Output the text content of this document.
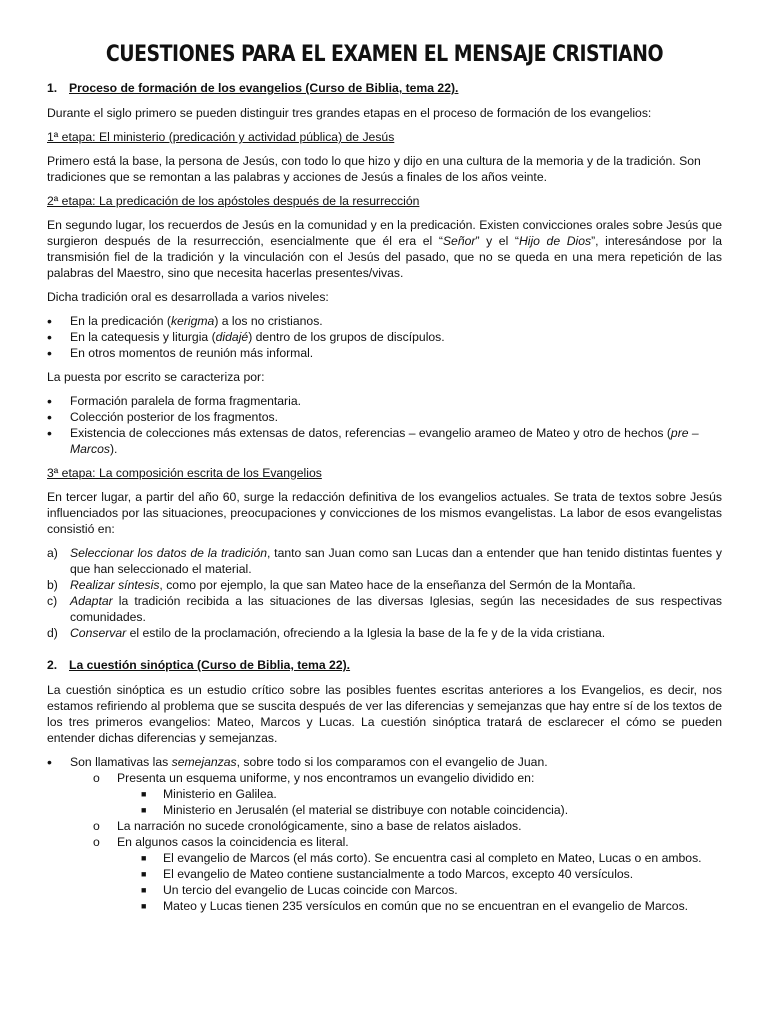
CUESTIONES PARA EL EXAMEN EL MENSAJE CRISTIANO
1. Proceso de formación de los evangelios (Curso de Biblia, tema 22).

Durante el siglo primero se pueden distinguir tres grandes etapas en el proceso de formación de los evangelios:

1ª etapa: El ministerio (predicación y actividad pública) de Jesús

Primero está la base, la persona de Jesús, con todo lo que hizo y dijo en una cultura de la memoria y de la tradición. Son tradiciones que se remontan a las palabras y acciones de Jesús a finales de los años veinte.

2ª etapa: La predicación de los apóstoles después de la resurrección

En segundo lugar, los recuerdos de Jesús en la comunidad y en la predicación. Existen convicciones orales sobre Jesús que surgieron después de la resurrección, esencialmente que él era el “Señor” y el “Hijo de Dios”, interesándose por la transmisión fiel de la tradición y la vinculación con el Jesús del pasado, que no se queda en una mera repetición de las palabras del Maestro, sino que necesita hacerlas presentes/vivas.

Dicha tradición oral es desarrollada a varios niveles:

• En la predicación (kerigma) a los no cristianos.
• En la catequesis y liturgia (didajé) dentro de los grupos de discípulos.
• En otros momentos de reunión más informal.

La puesta por escrito se caracteriza por:

• Formación paralela de forma fragmentaria.
• Colección posterior de los fragmentos.
• Existencia de colecciones más extensas de datos, referencias – evangelio arameo de Mateo y otro de hechos (pre – Marcos).

3ª etapa: La composición escrita de los Evangelios

En tercer lugar, a partir del año 60, surge la redacción definitiva de los evangelios actuales. Se trata de textos sobre Jesús influenciados por las situaciones, preocupaciones y convicciones de los mismos evangelistas. La labor de esos evangelistas consistió en:

a) Seleccionar los datos de la tradición, tanto san Juan como san Lucas dan a entender que han tenido distintas fuentes y que han seleccionado el material.
b) Realizar síntesis, como por ejemplo, la que san Mateo hace de la enseñanza del Sermón de la Montaña.
c) Adaptar la tradición recibida a las situaciones de las diversas Iglesias, según las necesidades de sus respectivas comunidades.
d) Conservar el estilo de la proclamación, ofreciendo a la Iglesia la base de la fe y de la vida cristiana.
2. La cuestión sinóptica (Curso de Biblia, tema 22).

La cuestión sinóptica es un estudio crítico sobre las posibles fuentes escritas anteriores a los Evangelios, es decir, nos estamos refiriendo al problema que se suscita después de ver las diferencias y semejanzas que hay entre sí de los textos de los tres primeros evangelios: Mateo, Marcos y Lucas. La cuestión sinóptica tratará de esclarecer el cómo se pueden entender dichas diferencias y semejanzas.

• Son llamativas las semejanzas, sobre todo si los comparamos con el evangelio de Juan.
o Presenta un esquema uniforme, y nos encontramos un evangelio dividido en:
■ Ministerio en Galilea.
■ Ministerio en Jerusalén (el material se distribuye con notable coincidencia).
o La narración no sucede cronológicamente, sino a base de relatos aislados.
o En algunos casos la coincidencia es literal.
■ El evangelio de Marcos (el más corto). Se encuentra casi al completo en Mateo, Lucas o en ambos.
■ El evangelio de Mateo contiene sustancialmente a todo Marcos, excepto 40 versículos.
■ Un tercio del evangelio de Lucas coincide con Marcos.
■ Mateo y Lucas tienen 235 versículos en común que no se encuentran en el evangelio de Marcos.
